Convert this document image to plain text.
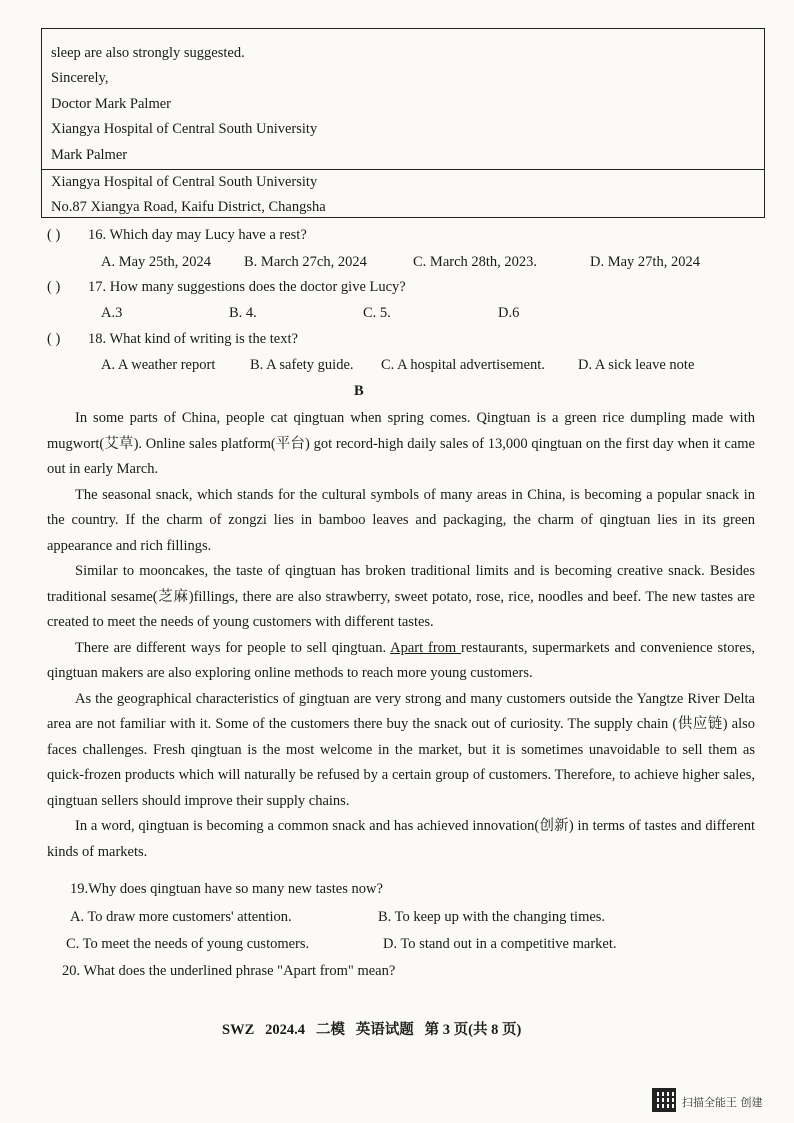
sleep are also strongly suggested.
Sincerely,
Doctor Mark Palmer
Xiangya Hospital of Central South University
Mark Palmer
Xiangya Hospital of Central South University
No.87 Xiangya Road, Kaifu District, Changsha
( ) 16. Which day may Lucy have a rest?
A. May 25th, 2024 B. March 27ch, 2024	C. March 28th, 2023.	D. May 27th, 2024
( ) 17. How many suggestions does the doctor give Lucy?
A.3	B. 4.	C. 5.	D.6
( ) 18. What kind of writing is the text?
A. A weather report B. A safety guide. C. A hospital advertisement. D. A sick leave note
B

In some parts of China, people cat qingtuan when spring comes. Qingtuan is a green rice dumpling made with mugwort(艾草). Online sales platform(平台) got record-high daily sales of 13,000 qingtuan on the first day when it came out in early March.

The seasonal snack, which stands for the cultural symbols of many areas in China, is becoming a popular snack in the country. If the charm of zongzi lies in bamboo leaves and packaging, the charm of qingtuan lies in its green appearance and rich fillings.

Similar to mooncakes, the taste of qingtuan has broken traditional limits and is becoming creative snack. Besides traditional sesame(芝麻)fillings, there are also strawberry, sweet potato, rose, rice, noodles and beef. The new tastes are created to meet the needs of young customers with different tastes.

There are different ways for people to sell qingtuan. Apart from restaurants, supermarkets and convenience stores, qingtuan makers are also exploring online methods to reach more young customers.

As the geographical characteristics of gingtuan are very strong and many customers outside the Yangtze River Delta area are not familiar with it. Some of the customers there buy the snack out of curiosity. The supply chain (供应链) also faces challenges. Fresh qingtuan is the most welcome in the market, but it is sometimes unavoidable to sell them as quick-frozen products which will naturally be refused by a certain group of customers. Therefore, to achieve higher sales, qingtuan sellers should improve their supply chains.

In a word, qingtuan is becoming a common snack and has achieved innovation(创新) in terms of tastes and different kinds of markets.

19.Why does qingtuan have so many new tastes now?
A. To draw more customers' attention.	B. To keep up with the changing times.
C. To meet the needs of young customers.	D. To stand out in a competitive market.
20. What does the underlined phrase "Apart from" mean?
SWZ   2024.4   二模   英语试题   第 3 页(共 8 页)
扫描全能王 创建
